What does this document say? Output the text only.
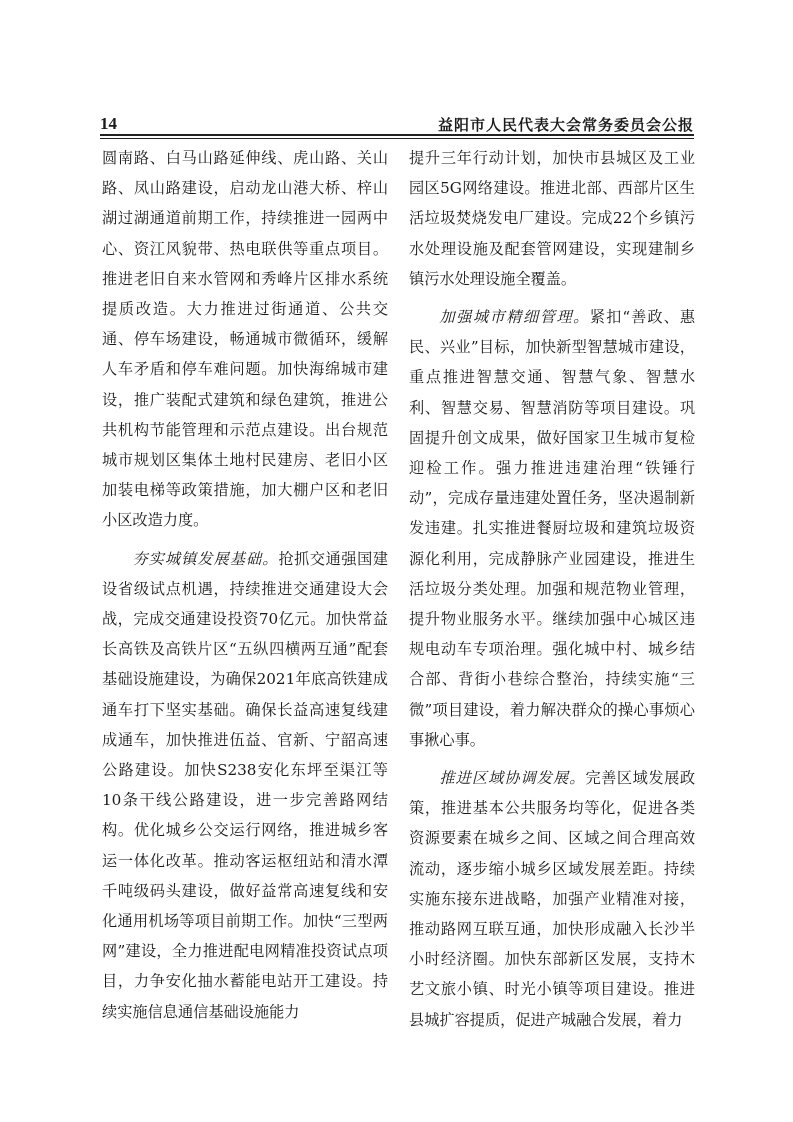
14	益阳市人民代表大会常务委员会公报

圆南路、白马山路延伸线、虎山路、关山路、凤山路建设，启动龙山港大桥、梓山湖过湖通道前期工作，持续推进一园两中心、资江风貌带、热电联供等重点项目。推进老旧自来水管网和秀峰片区排水系统提质改造。大力推进过街通道、公共交通、停车场建设，畅通城市微循环，缓解人车矛盾和停车难问题。加快海绵城市建设，推广装配式建筑和绿色建筑，推进公共机构节能管理和示范点建设。出台规范城市规划区集体土地村民建房、老旧小区加装电梯等政策措施，加大棚户区和老旧小区改造力度。

夯实城镇发展基础。抢抓交通强国建设省级试点机遇，持续推进交通建设大会战，完成交通建设投资70亿元。加快常益长高铁及高铁片区“五纵四横两互通”配套基础设施建设，为确保2021年底高铁建成通车打下坚实基础。确保长益高速复线建成通车，加快推进伍益、官新、宁韶高速公路建设。加快S238安化东坪至渠江等10条干线公路建设，进一步完善路网结构。优化城乡公交运行网络，推进城乡客运一体化改革。推动客运枢纽站和清水潭千吨级码头建设，做好益常高速复线和安化通用机场等项目前期工作。加快“三型两网”建设，全力推进配电网精准投资试点项目，力争安化抽水蓄能电站开工建设。持续实施信息通信基础设施能力

提升三年行动计划，加快市县城区及工业园区5G网络建设。推进北部、西部片区生活垃圾焚烧发电厂建设。完成22个乡镇污水处理设施及配套管网建设，实现建制乡镇污水处理设施全覆盖。

加强城市精细管理。紧扣“善政、惠民、兴业”目标，加快新型智慧城市建设，重点推进智慧交通、智慧气象、智慧水利、智慧交易、智慧消防等项目建设。巩固提升创文成果，做好国家卫生城市复检迎检工作。强力推进违建治理“铁锤行动”，完成存量违建处置任务，坚决遏制新发违建。扎实推进餐厨垃圾和建筑垃圾资源化利用，完成静脉产业园建设，推进生活垃圾分类处理。加强和规范物业管理，提升物业服务水平。继续加强中心城区违规电动车专项治理。强化城中村、城乡结合部、背街小巷综合整治，持续实施“三微”项目建设，着力解决群众的操心事烦心事揪心事。

推进区域协调发展。完善区域发展政策，推进基本公共服务均等化，促进各类资源要素在城乡之间、区域之间合理高效流动，逐步缩小城乡区域发展差距。持续实施东接东进战略，加强产业精准对接，推动路网互联互通，加快形成融入长沙半小时经济圈。加快东部新区发展，支持木艺文旅小镇、时光小镇等项目建设。推进县城扩容提质，促进产城融合发展，着力
